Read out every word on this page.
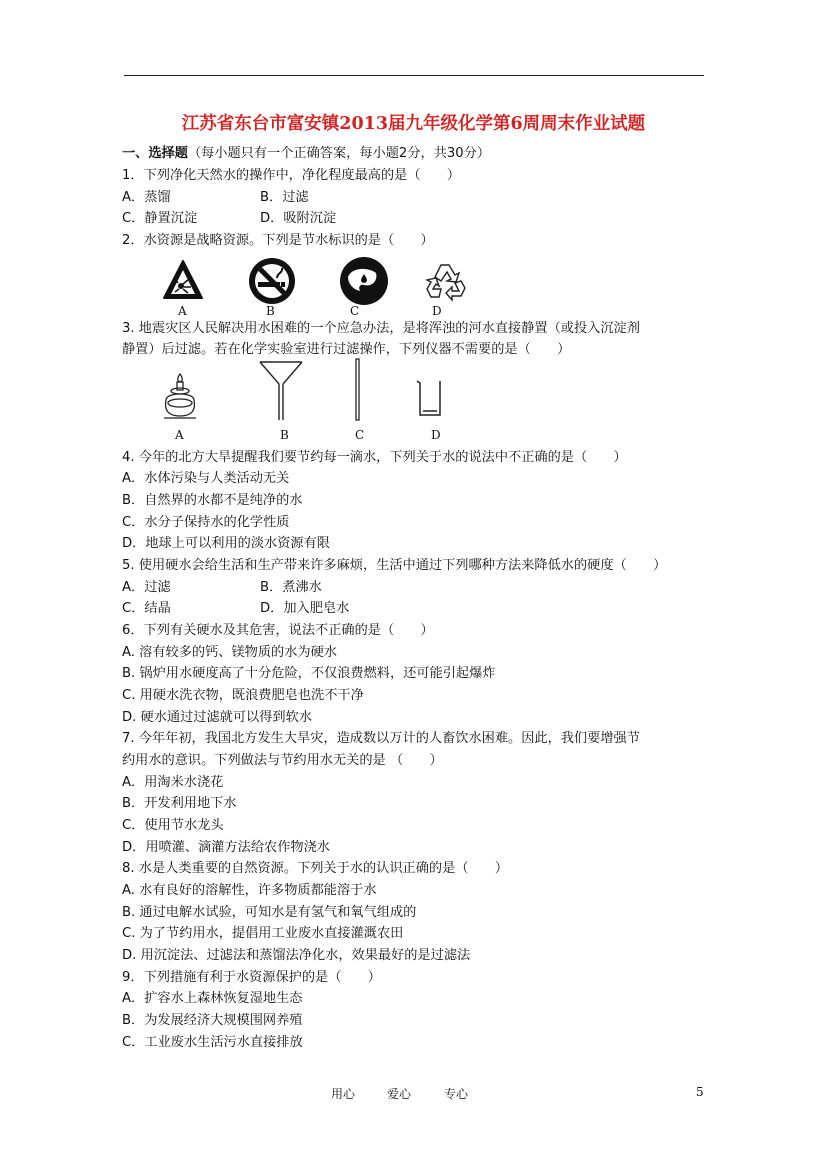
江苏省东台市富安镇2013届九年级化学第6周周末作业试题
一、选择题（每小题只有一个正确答案，每小题2分，共30分）
1．下列净化天然水的操作中，净化程度最高的是（　　）
A．蒸馏	B．过滤
C．静置沉淀	D．吸附沉淀
2．水资源是战略资源。下列是节水标识的是（　　）
A	B	C	D
3. 地震灾区人民解决用水困难的一个应急办法，是将浑浊的河水直接静置（或投入沉淀剂
静置）后过滤。若在化学实验室进行过滤操作，下列仪器不需要的是（　　）
A	B	C	D
4. 今年的北方大旱提醒我们要节约每一滴水，下列关于水的说法中不正确的是（　　）
A．水体污染与人类活动无关
B．自然界的水都不是纯净的水
C．水分子保持水的化学性质
D．地球上可以利用的淡水资源有限
5. 使用硬水会给生活和生产带来许多麻烦，生活中通过下列哪种方法来降低水的硬度（　　）
A．过滤	B．煮沸水
C．结晶	D．加入肥皂水
6．下列有关硬水及其危害，说法不正确的是（　　）
A. 溶有较多的钙、镁物质的水为硬水
B. 锅炉用水硬度高了十分危险，不仅浪费燃料，还可能引起爆炸
C. 用硬水洗衣物，既浪费肥皂也洗不干净
D. 硬水通过过滤就可以得到软水
7. 今年年初，我国北方发生大旱灾，造成数以万计的人畜饮水困难。因此，我们要增强节
约用水的意识。下列做法与节约用水无关的是 （　　）
A．用淘米水浇花
B．开发利用地下水
C．使用节水龙头
D．用喷灌、滴灌方法给农作物浇水
8. 水是人类重要的自然资源。下列关于水的认识正确的是（　　）
A. 水有良好的溶解性，许多物质都能溶于水
B. 通过电解水试验，可知水是有氢气和氧气组成的
C. 为了节约用水，提倡用工业废水直接灌溉农田
D. 用沉淀法、过滤法和蒸馏法净化水，效果最好的是过滤法
9．下列措施有利于水资源保护的是（　　）
A．扩容水上森林恢复湿地生态
B．为发展经济大规模围网养殖
C．工业废水生活污水直接排放
用心	爱心	专心	5
